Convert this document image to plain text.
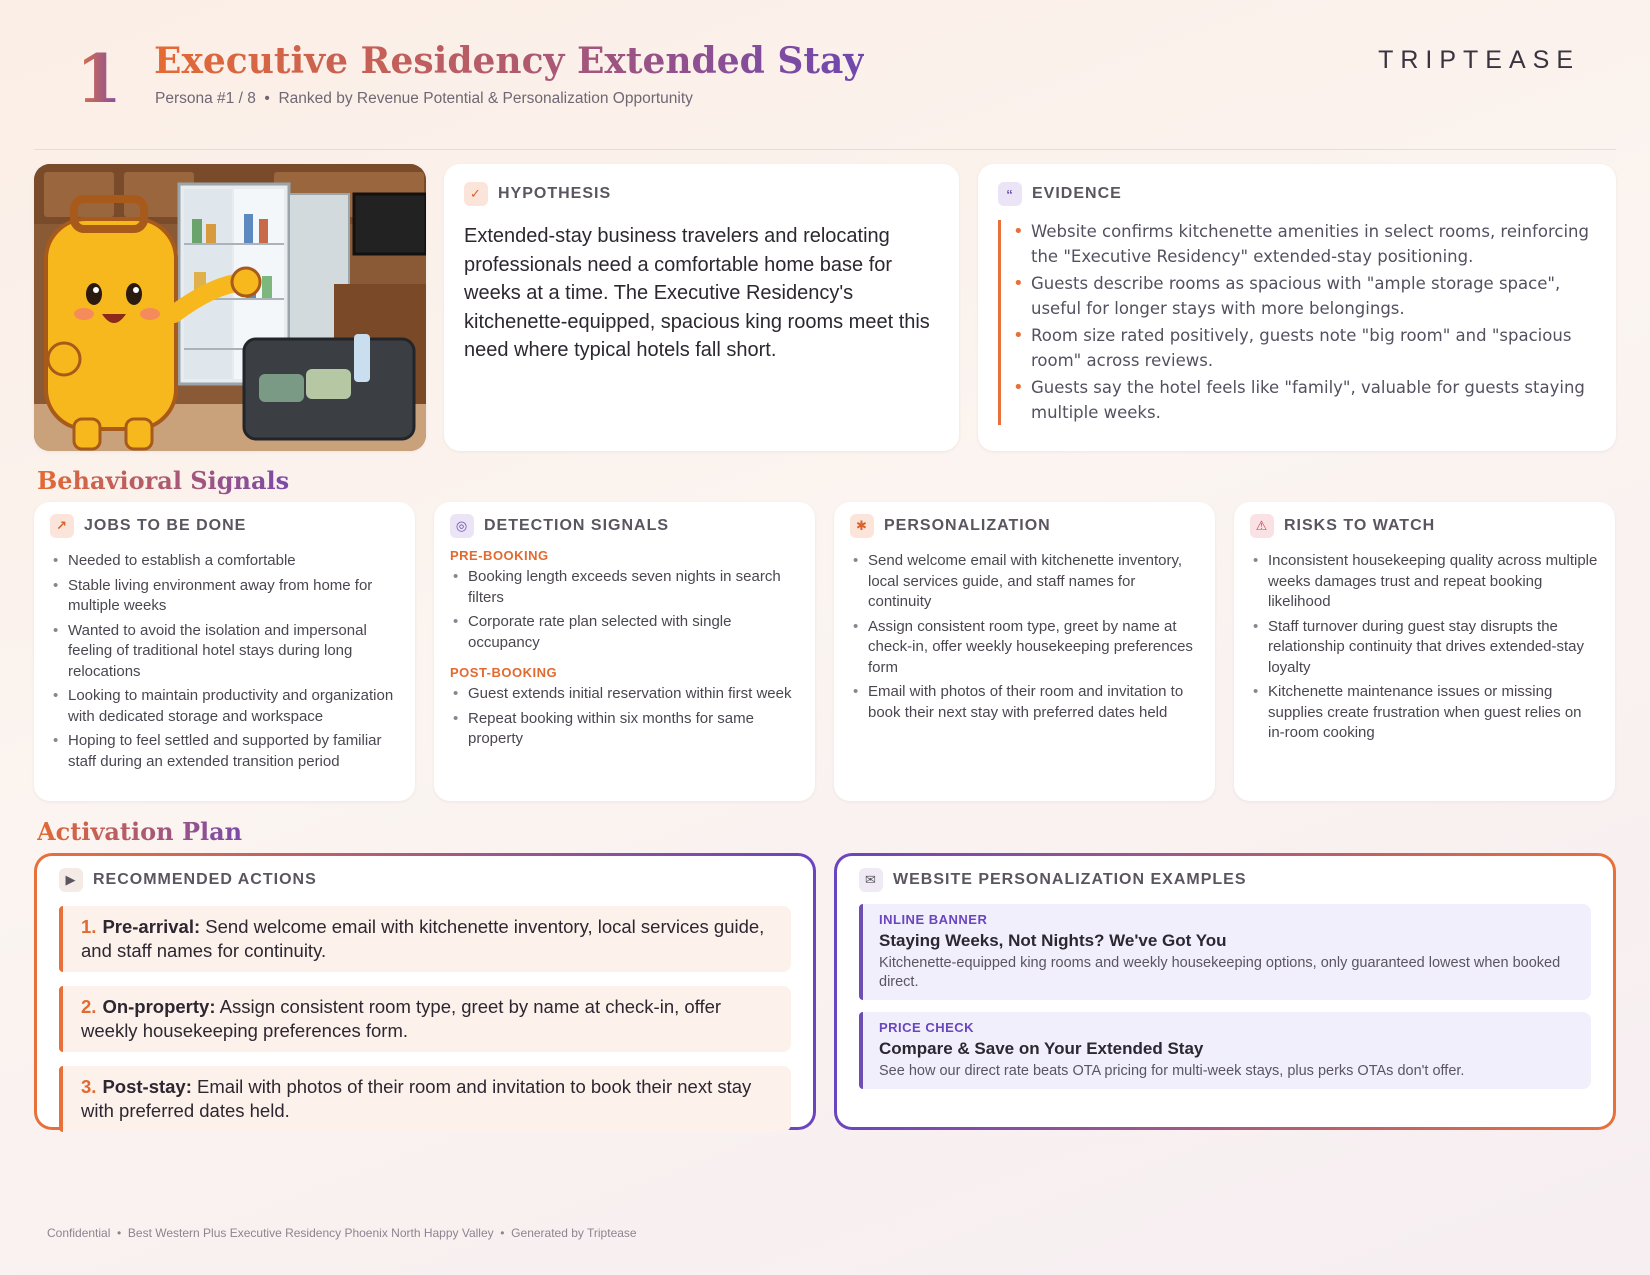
1 Executive Residency Extended Stay
Persona #1 / 8  •  Ranked by Revenue Potential & Personalization Opportunity
TRIPTEASE
✓	HYPOTHESIS
Extended-stay business travelers and relocating professionals need a comfortable home base for weeks at a time. The Executive Residency's kitchenette-equipped, spacious king rooms meet this need where typical hotels fall short.
“	EVIDENCE
• Website confirms kitchenette amenities in select rooms, reinforcing the "Executive Residency" extended-stay positioning.
• Guests describe rooms as spacious with "ample storage space", useful for longer stays with more belongings.
• Room size rated positively, guests note "big room" and "spacious room" across reviews.
• Guests say the hotel feels like "family", valuable for guests staying multiple weeks.
Behavioral Signals
↗	JOBS TO BE DONE
• Needed to establish a comfortable
• Stable living environment away from home for multiple weeks
• Wanted to avoid the isolation and impersonal feeling of traditional hotel stays during long relocations
• Looking to maintain productivity and organization with dedicated storage and workspace
• Hoping to feel settled and supported by familiar staff during an extended transition period
◎ DETECTION SIGNALS
PRE-BOOKING
• Booking length exceeds seven nights in search filters
• Corporate rate plan selected with single occupancy
POST-BOOKING
• Guest extends initial reservation within first week
• Repeat booking within six months for same property
✱	PERSONALIZATION
• Send welcome email with kitchenette inventory, local services guide, and staff names for continuity
• Assign consistent room type, greet by name at check-in, offer weekly housekeeping preferences form
• Email with photos of their room and invitation to book their next stay with preferred dates held
⚠ RISKS TO WATCH
• Inconsistent housekeeping quality across multiple weeks damages trust and repeat booking likelihood
• Staff turnover during guest stay disrupts the relationship continuity that drives extended-stay loyalty
• Kitchenette maintenance issues or missing supplies create frustration when guest relies on in-room cooking
Activation Plan
▶	RECOMMENDED ACTIONS
1. Pre-arrival: Send welcome email with kitchenette inventory, local services guide, and staff names for continuity.
2. On-property: Assign consistent room type, greet by name at check-in, offer weekly housekeeping preferences form.
3. Post-stay: Email with photos of their room and invitation to book their next stay with preferred dates held.
✉	WEBSITE PERSONALIZATION EXAMPLES
INLINE BANNER
Staying Weeks, Not Nights? We've Got You
Kitchenette-equipped king rooms and weekly housekeeping options, only guaranteed lowest when booked direct.
PRICE CHECK
Compare & Save on Your Extended Stay
See how our direct rate beats OTA pricing for multi-week stays, plus perks OTAs don't offer.
Confidential  •  Best Western Plus Executive Residency Phoenix North Happy Valley  •  Generated by Triptease
